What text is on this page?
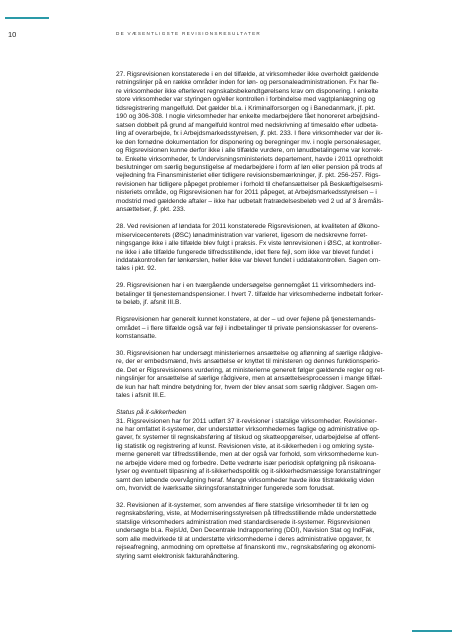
10	DE VÆSENTLIGSTE REVISIONSRESULTATER
27. Rigsrevisionen konstaterede i en del tilfælde, at virksomheder ikke overholdt gældende
retningslinjer på en række områder inden for løn- og personaleadministrationen. Fx har fle-
re virksomheder ikke efterlevet regnskabsbekendtgørelsens krav om disponering. I enkelte
store virksomheder var styringen og/eller kontrollen i forbindelse med vagtplanlægning og
tidsregistrering mangelfuld. Det gælder bl.a. i Kriminalforsorgen og i Banedanmark, jf. pkt.
190 og 306-308. I nogle virksomheder har enkelte medarbejdere fået honoreret arbejdsind-
satsen dobbelt på grund af mangelfuld kontrol med nedskrivning af timesaldo efter udbeta-
ling af overarbejde, fx i Arbejdsmarkedsstyrelsen, jf. pkt. 233. I flere virksomheder var der ik-
ke den fornødne dokumentation for disponering og beregninger mv. i nogle personalesager,
og Rigsrevisionen kunne derfor ikke i alle tilfælde vurdere, om lønudbetalingerne var korrek-
te. Enkelte virksomheder, fx Undervisningsministeriets departement, havde i 2011 opretholdt
beslutninger om særlig begunstigelse af medarbejdere i form af løn eller pension på trods af
vejledning fra Finansministeriet eller tidligere revisionsbemærkninger, jf. pkt. 256-257. Rigs-
revisionen har tidligere påpeget problemer i forhold til chefansættelser på Beskæftigelsesmi-
nisteriets område, og Rigsrevisionen har for 2011 påpeget, at Arbejdsmarkedsstyrelsen – i
modstrid med gældende aftaler – ikke har udbetalt fratrædelsesbeløb ved 2 ud af 3 åremåls-
ansættelser, jf. pkt. 233.
28. Ved revisionen af løndata for 2011 konstaterede Rigsrevisionen, at kvaliteten af Økono-
miservicecenterets (ØSC) lønadministration var varieret, ligesom de nedskrevne forret-
ningsgange ikke i alle tilfælde blev fulgt i praksis. Fx viste lønrevisionen i ØSC, at kontroller-
ne ikke i alle tilfælde fungerede tilfredsstillende, idet flere fejl, som ikke var blevet fundet i
inddatakontrollen før lønkørslen, heller ikke var blevet fundet i uddatakontrollen. Sagen om-
tales i pkt. 92.
29. Rigsrevisionen har i en tværgående undersøgelse gennemgået 11 virksomheders ind-
betalinger til tjenestemandspensioner. I hvert 7. tilfælde har virksomhederne indbetalt forker-
te beløb, jf. afsnit III.B.
Rigsrevisionen har generelt kunnet konstatere, at der – ud over fejlene på tjenestemands-
området – i flere tilfælde også var fejl i indbetalinger til private pensionskasser for overens-
komstansatte.
30. Rigsrevisionen har undersøgt ministeriernes ansættelse og aflønning af særlige rådgive-
re, der er embedsmænd, hvis ansættelse er knyttet til ministeren og dennes funktionsperio-
de. Det er Rigsrevisionens vurdering, at ministerierne generelt følger gældende regler og ret-
ningslinjer for ansættelse af særlige rådgivere, men at ansættelsesprocessen i mange tilfæl-
de kun har haft mindre betydning for, hvem der blev ansat som særlig rådgiver. Sagen om-
tales i afsnit III.E.
Status på it-sikkerheden
31. Rigsrevisionen har for 2011 udført 37 it-revisioner i statslige virksomheder. Revisioner-
ne har omfattet it-systemer, der understøtter virksomhedernes faglige og administrative op-
gaver, fx systemer til regnskabsføring af tilskud og skatteopgørelser, udarbejdelse af offent-
lig statistik og registrering af kunst. Revisionen viste, at it-sikkerheden i og omkring syste-
merne generelt var tilfredsstillende, men at der også var forhold, som virksomhederne kun-
ne arbejde videre med og forbedre. Dette vedrørte især periodisk opfølgning på risikoana-
lyser og eventuelt tilpasning af it-sikkerhedspolitik og it-sikkerhedsmæssige foranstaltninger
samt den løbende overvågning heraf. Mange virksomheder havde ikke tilstrækkelig viden
om, hvorvidt de iværksatte sikringsforanstaltninger fungerede som forudsat.
32. Revisionen af it-systemer, som anvendes af flere statslige virksomheder til fx løn og
regnskabsføring, viste, at Moderniseringsstyrelsen på tilfredsstillende måde understøttede
statslige virksomheders administration med standardiserede it-systemer. Rigsrevisionen
undersøgte bl.a. RejsUd, Den Decentrale Indrapportering (DDI), Navision Stat og IndFak,
som alle medvirkede til at understøtte virksomhederne i deres administrative opgaver, fx
rejseafregning, anmodning om oprettelse af finanskonti mv., regnskabsføring og økonomi-
styring samt elektronisk fakturahåndtering.
